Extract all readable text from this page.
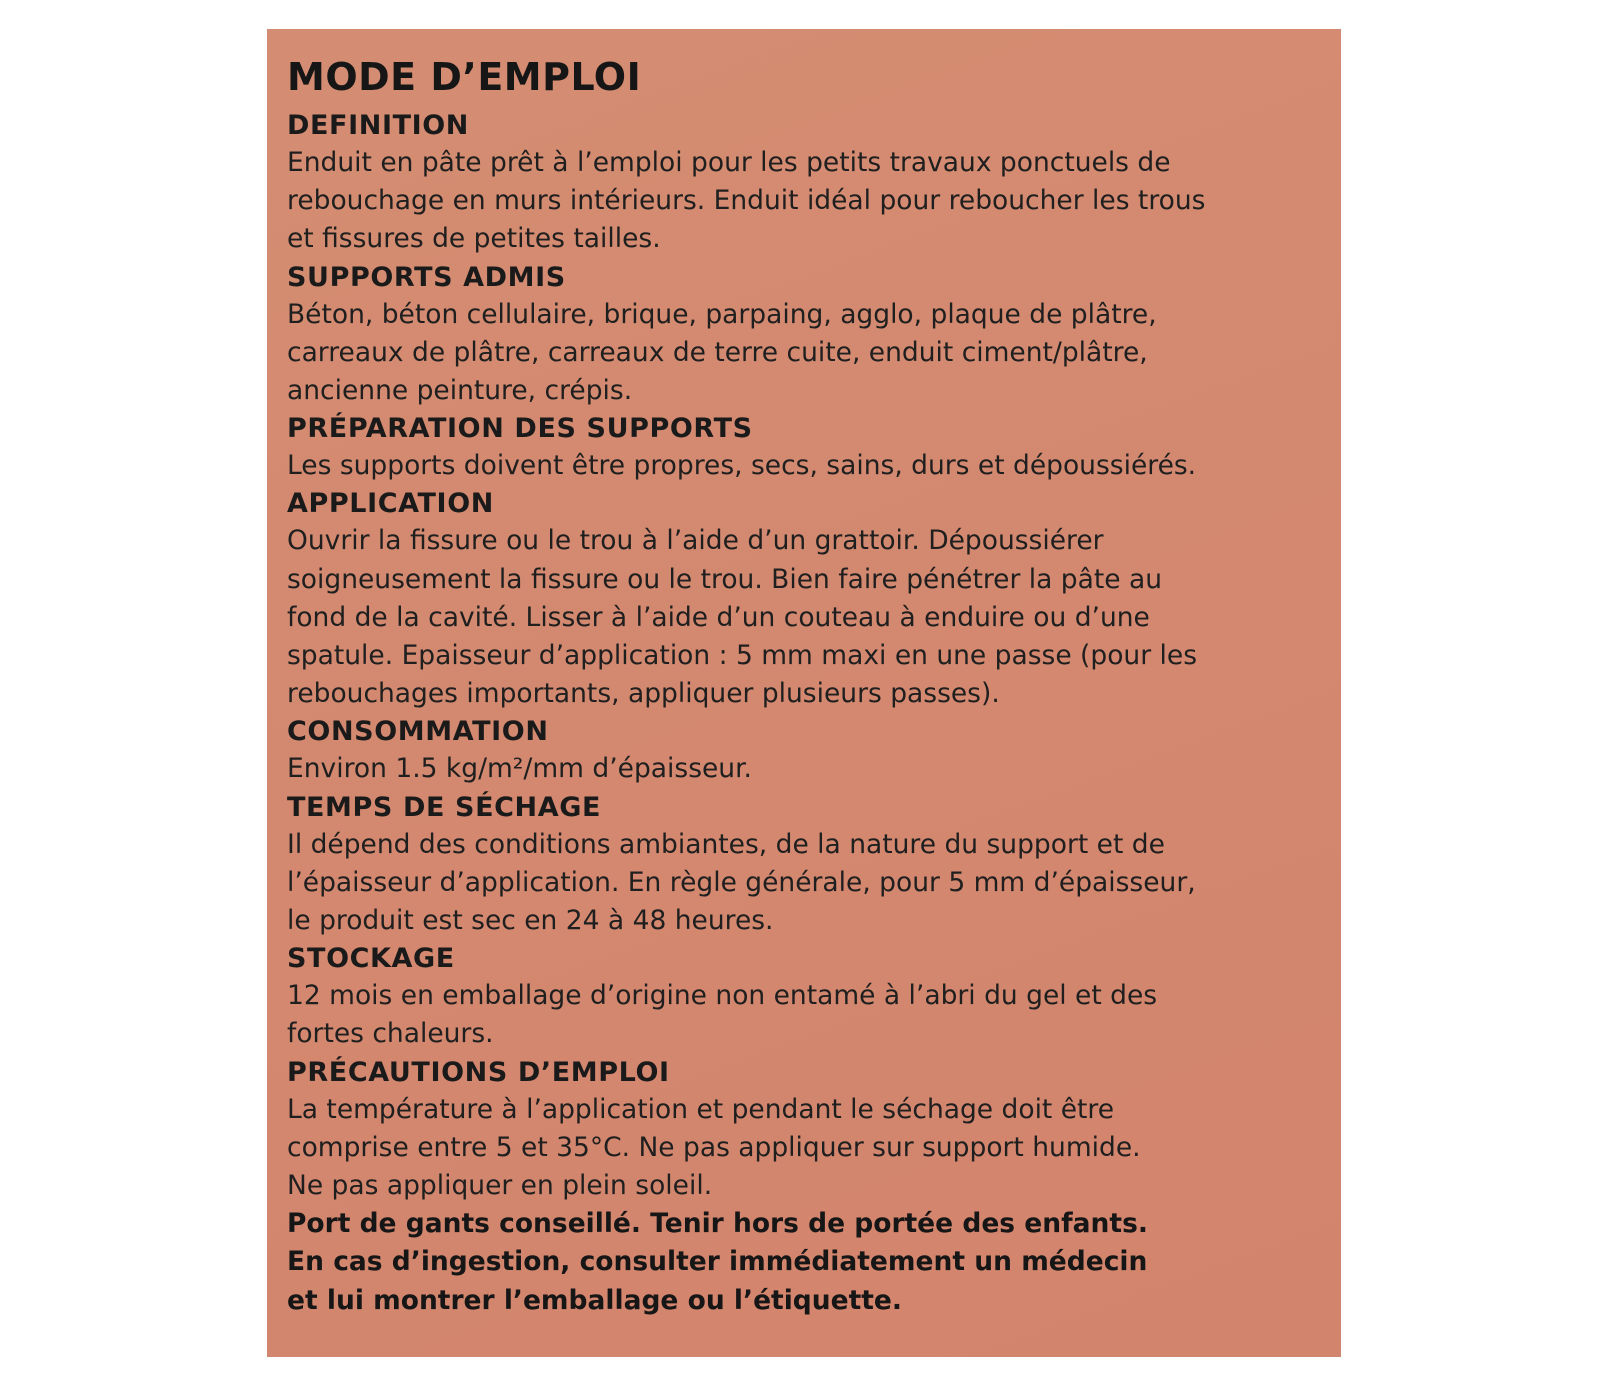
MODE D’EMPLOI
DEFINITION

Enduit en pâte prêt à l’emploi pour les petits travaux ponctuels de

rebouchage en murs intérieurs. Enduit idéal pour reboucher les trous

et fissures de petites tailles.

SUPPORTS ADMIS

Béton, béton cellulaire, brique, parpaing, agglo, plaque de plâtre,

carreaux de plâtre, carreaux de terre cuite, enduit ciment/plâtre,

ancienne peinture, crépis.

PRÉPARATION DES SUPPORTS

Les supports doivent être propres, secs, sains, durs et dépoussiérés.

APPLICATION

Ouvrir la fissure ou le trou à l’aide d’un grattoir. Dépoussiérer

soigneusement la fissure ou le trou. Bien faire pénétrer la pâte au

fond de la cavité. Lisser à l’aide d’un couteau à enduire ou d’une

spatule. Epaisseur d’application : 5 mm maxi en une passe (pour les

rebouchages importants, appliquer plusieurs passes).

CONSOMMATION

Environ 1.5 kg/m²/mm d’épaisseur.

TEMPS DE SÉCHAGE

Il dépend des conditions ambiantes, de la nature du support et de

l’épaisseur d’application. En règle générale, pour 5 mm d’épaisseur,

le produit est sec en 24 à 48 heures.

STOCKAGE

12 mois en emballage d’origine non entamé à l’abri du gel et des

fortes chaleurs.

PRÉCAUTIONS D’EMPLOI

La température à l’application et pendant le séchage doit être

comprise entre 5 et 35°C. Ne pas appliquer sur support humide.

Ne pas appliquer en plein soleil.

Port de gants conseillé. Tenir hors de portée des enfants.

En cas d’ingestion, consulter immédiatement un médecin

et lui montrer l’emballage ou l’étiquette.
